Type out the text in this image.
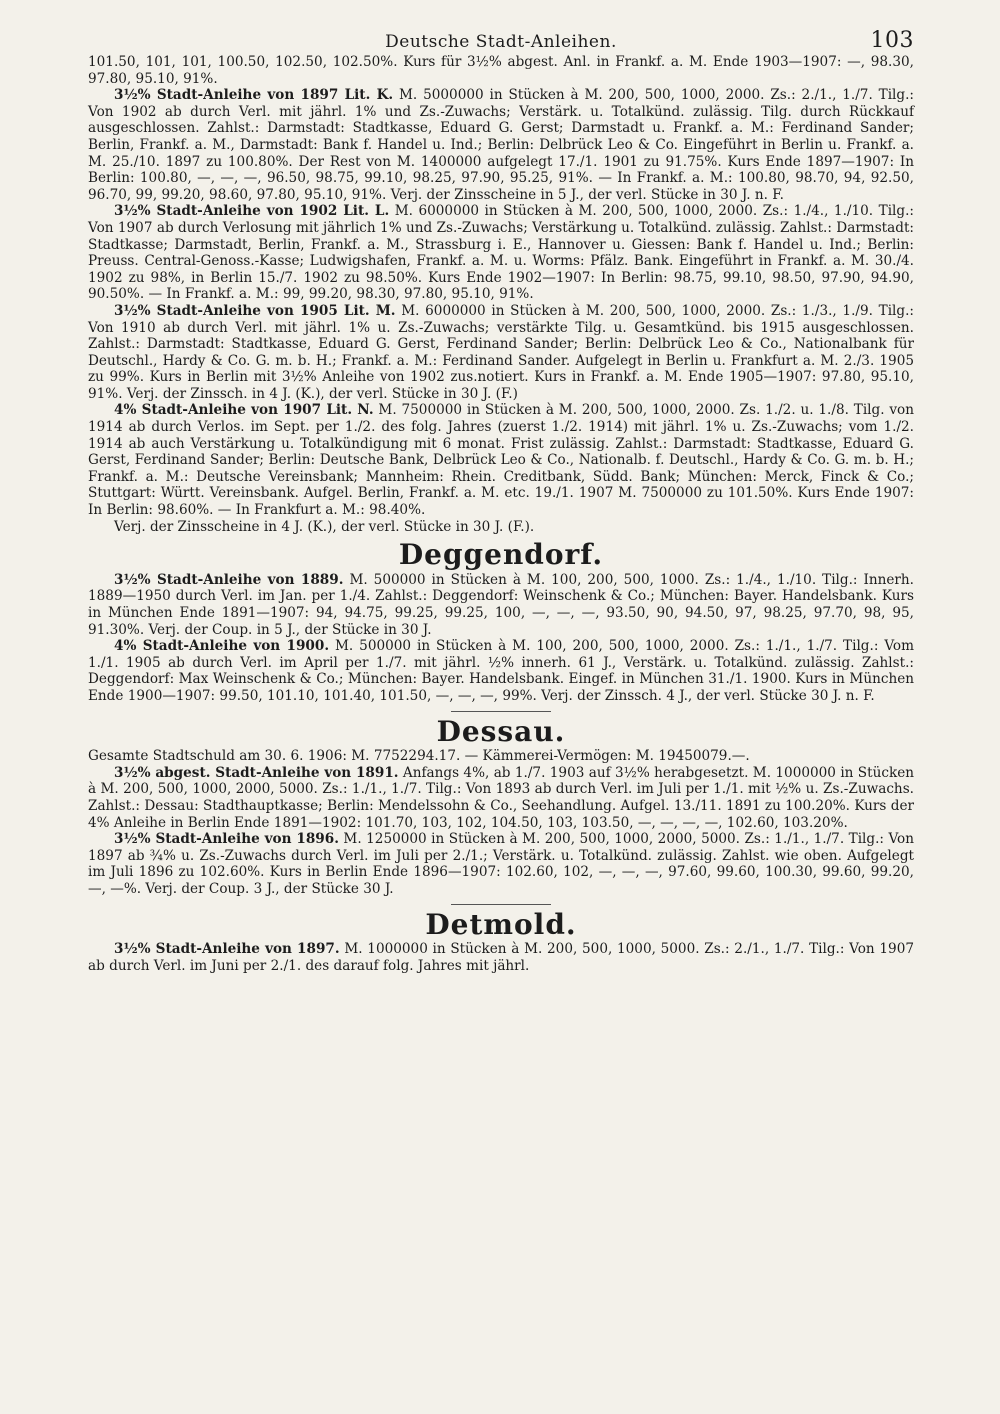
Deutsche Stadt-Anleihen.	103

101.50, 101, 101, 100.50, 102.50, 102.50%. Kurs für 3½% abgest. Anl. in Frankf. a. M. Ende 1903—1907: —, 98.30, 97.80, 95.10, 91%.

3½% Stadt-Anleihe von 1897 Lit. K. M. 5000000 in Stücken à M. 200, 500, 1000, 2000. Zs.: 2./1., 1./7. Tilg.: Von 1902 ab durch Verl. mit jährl. 1% und Zs.-Zuwachs; Verstärk. u. Totalkünd. zulässig. Tilg. durch Rückkauf ausgeschlossen. Zahlst.: Darmstadt: Stadtkasse, Eduard G. Gerst; Darmstadt u. Frankf. a. M.: Ferdinand Sander; Berlin, Frankf. a. M., Darmstadt: Bank f. Handel u. Ind.; Berlin: Delbrück Leo & Co. Eingeführt in Berlin u. Frankf. a. M. 25./10. 1897 zu 100.80%. Der Rest von M. 1400000 aufgelegt 17./1. 1901 zu 91.75%. Kurs Ende 1897—1907: In Berlin: 100.80, —, —, —, 96.50, 98.75, 99.10, 98.25, 97.90, 95.25, 91%. — In Frankf. a. M.: 100.80, 98.70, 94, 92.50, 96.70, 99, 99.20, 98.60, 97.80, 95.10, 91%. Verj. der Zinsscheine in 5 J., der verl. Stücke in 30 J. n. F.

3½% Stadt-Anleihe von 1902 Lit. L. M. 6000000 in Stücken à M. 200, 500, 1000, 2000. Zs.: 1./4., 1./10. Tilg.: Von 1907 ab durch Verlosung mit jährlich 1% und Zs.-Zuwachs; Verstärkung u. Totalkünd. zulässig. Zahlst.: Darmstadt: Stadtkasse; Darmstadt, Berlin, Frankf. a. M., Strassburg i. E., Hannover u. Giessen: Bank f. Handel u. Ind.; Berlin: Preuss. Central-Genoss.-Kasse; Ludwigshafen, Frankf. a. M. u. Worms: Pfälz. Bank. Eingeführt in Frankf. a. M. 30./4. 1902 zu 98%, in Berlin 15./7. 1902 zu 98.50%. Kurs Ende 1902—1907: In Berlin: 98.75, 99.10, 98.50, 97.90, 94.90, 90.50%. — In Frankf. a. M.: 99, 99.20, 98.30, 97.80, 95.10, 91%.

3½% Stadt-Anleihe von 1905 Lit. M. M. 6000000 in Stücken à M. 200, 500, 1000, 2000. Zs.: 1./3., 1./9. Tilg.: Von 1910 ab durch Verl. mit jährl. 1% u. Zs.-Zuwachs; verstärkte Tilg. u. Gesamtkünd. bis 1915 ausgeschlossen. Zahlst.: Darmstadt: Stadtkasse, Eduard G. Gerst, Ferdinand Sander; Berlin: Delbrück Leo & Co., Nationalbank für Deutschl., Hardy & Co. G. m. b. H.; Frankf. a. M.: Ferdinand Sander. Aufgelegt in Berlin u. Frankfurt a. M. 2./3. 1905 zu 99%. Kurs in Berlin mit 3½% Anleihe von 1902 zus.notiert. Kurs in Frankf. a. M. Ende 1905—1907: 97.80, 95.10, 91%. Verj. der Zinssch. in 4 J. (K.), der verl. Stücke in 30 J. (F.)

4% Stadt-Anleihe von 1907 Lit. N. M. 7500000 in Stücken à M. 200, 500, 1000, 2000. Zs. 1./2. u. 1./8. Tilg. von 1914 ab durch Verlos. im Sept. per 1./2. des folg. Jahres (zuerst 1./2. 1914) mit jährl. 1% u. Zs.-Zuwachs; vom 1./2. 1914 ab auch Verstärkung u. Totalkündigung mit 6 monat. Frist zulässig. Zahlst.: Darmstadt: Stadtkasse, Eduard G. Gerst, Ferdinand Sander; Berlin: Deutsche Bank, Delbrück Leo & Co., Nationalb. f. Deutschl., Hardy & Co. G. m. b. H.; Frankf. a. M.: Deutsche Vereinsbank; Mannheim: Rhein. Creditbank, Südd. Bank; München: Merck, Finck & Co.; Stuttgart: Württ. Vereinsbank. Aufgel. Berlin, Frankf. a. M. etc. 19./1. 1907 M. 7500000 zu 101.50%. Kurs Ende 1907: In Berlin: 98.60%. — In Frankfurt a. M.: 98.40%.

Verj. der Zinsscheine in 4 J. (K.), der verl. Stücke in 30 J. (F.).

Deggendorf.

3½% Stadt-Anleihe von 1889. M. 500000 in Stücken à M. 100, 200, 500, 1000. Zs.: 1./4., 1./10. Tilg.: Innerh. 1889—1950 durch Verl. im Jan. per 1./4. Zahlst.: Deggendorf: Weinschenk & Co.; München: Bayer. Handelsbank. Kurs in München Ende 1891—1907: 94, 94.75, 99.25, 99.25, 100, —, —, —, 93.50, 90, 94.50, 97, 98.25, 97.70, 98, 95, 91.30%. Verj. der Coup. in 5 J., der Stücke in 30 J.

4% Stadt-Anleihe von 1900. M. 500000 in Stücken à M. 100, 200, 500, 1000, 2000. Zs.: 1./1., 1./7. Tilg.: Vom 1./1. 1905 ab durch Verl. im April per 1./7. mit jährl. ½% innerh. 61 J., Verstärk. u. Totalkünd. zulässig. Zahlst.: Deggendorf: Max Weinschenk & Co.; München: Bayer. Handelsbank. Eingef. in München 31./1. 1900. Kurs in München Ende 1900—1907: 99.50, 101.10, 101.40, 101.50, —, —, —, 99%. Verj. der Zinssch. 4 J., der verl. Stücke 30 J. n. F.

Dessau.

Gesamte Stadtschuld am 30. 6. 1906: M. 7752294.17. — Kämmerei-Vermögen: M. 19450079.—.

3½% abgest. Stadt-Anleihe von 1891. Anfangs 4%, ab 1./7. 1903 auf 3½% herabgesetzt. M. 1000000 in Stücken à M. 200, 500, 1000, 2000, 5000. Zs.: 1./1., 1./7. Tilg.: Von 1893 ab durch Verl. im Juli per 1./1. mit ½% u. Zs.-Zuwachs. Zahlst.: Dessau: Stadthauptkasse; Berlin: Mendelssohn & Co., Seehandlung. Aufgel. 13./11. 1891 zu 100.20%. Kurs der 4% Anleihe in Berlin Ende 1891—1902: 101.70, 103, 102, 104.50, 103, 103.50, —, —, —, —, 102.60, 103.20%.

3½% Stadt-Anleihe von 1896. M. 1250000 in Stücken à M. 200, 500, 1000, 2000, 5000. Zs.: 1./1., 1./7. Tilg.: Von 1897 ab ¾% u. Zs.-Zuwachs durch Verl. im Juli per 2./1.; Verstärk. u. Totalkünd. zulässig. Zahlst. wie oben. Aufgelegt im Juli 1896 zu 102.60%. Kurs in Berlin Ende 1896—1907: 102.60, 102, —, —, —, 97.60, 99.60, 100.30, 99.60, 99.20, —, —%. Verj. der Coup. 3 J., der Stücke 30 J.

Detmold.

3½% Stadt-Anleihe von 1897. M. 1000000 in Stücken à M. 200, 500, 1000, 5000. Zs.: 2./1., 1./7. Tilg.: Von 1907 ab durch Verl. im Juni per 2./1. des darauf folg. Jahres mit jährl.
